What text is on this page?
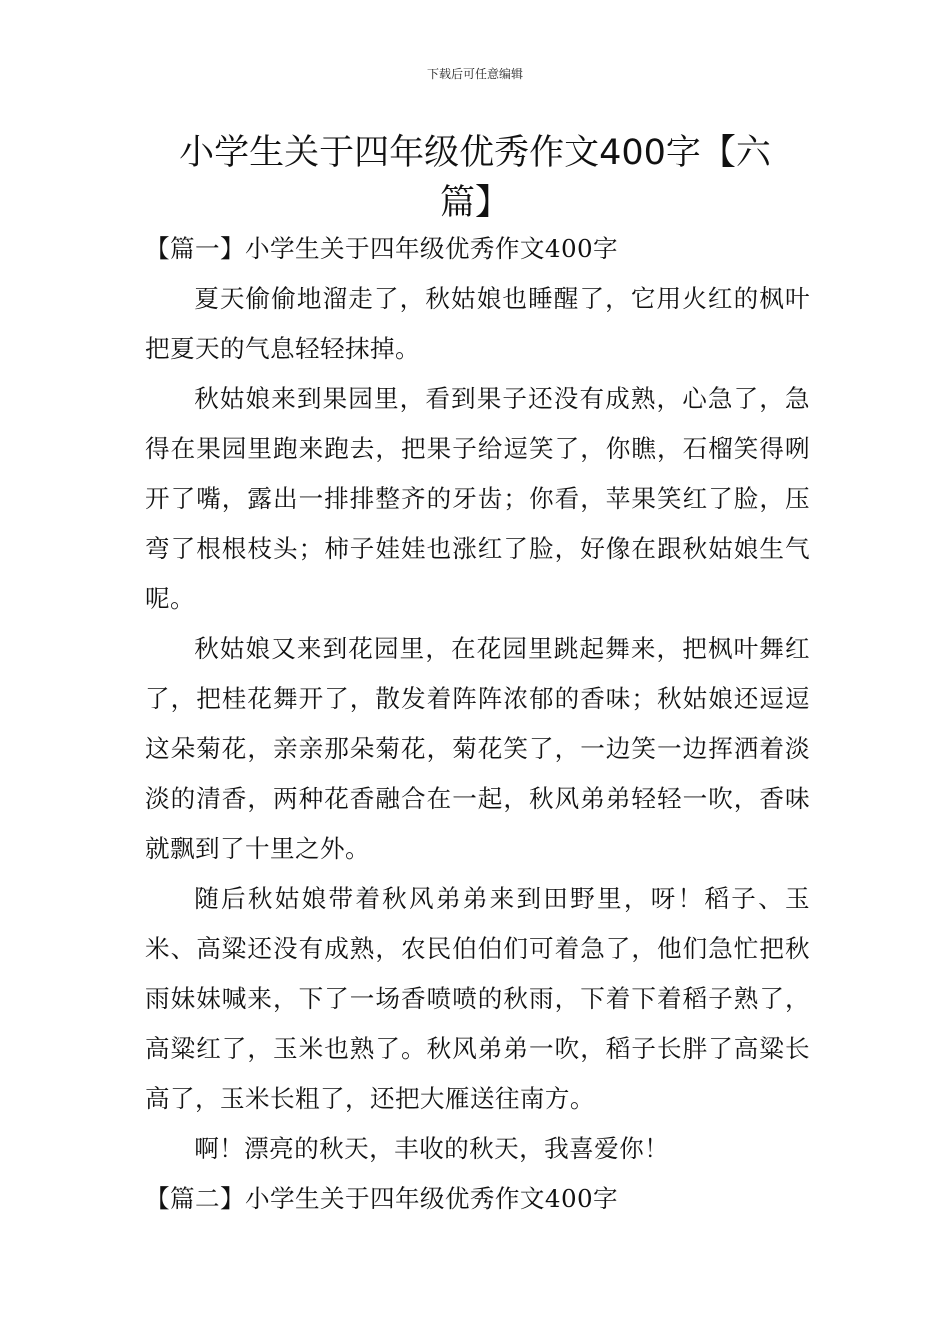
下载后可任意编辑
小学生关于四年级优秀作文400字【六篇】

【篇一】小学生关于四年级优秀作文400字

夏天偷偷地溜走了，秋姑娘也睡醒了，它用火红的枫叶把夏天的气息轻轻抹掉。

秋姑娘来到果园里，看到果子还没有成熟，心急了，急得在果园里跑来跑去，把果子给逗笑了，你瞧，石榴笑得咧开了嘴，露出一排排整齐的牙齿；你看，苹果笑红了脸，压弯了根根枝头；柿子娃娃也涨红了脸，好像在跟秋姑娘生气呢。

秋姑娘又来到花园里，在花园里跳起舞来，把枫叶舞红了，把桂花舞开了，散发着阵阵浓郁的香味；秋姑娘还逗逗这朵菊花，亲亲那朵菊花，菊花笑了，一边笑一边挥洒着淡淡的清香，两种花香融合在一起，秋风弟弟轻轻一吹，香味就飘到了十里之外。

随后秋姑娘带着秋风弟弟来到田野里，呀！稻子、玉米、高粱还没有成熟，农民伯伯们可着急了，他们急忙把秋雨妹妹喊来，下了一场香喷喷的秋雨，下着下着稻子熟了，高粱红了，玉米也熟了。秋风弟弟一吹，稻子长胖了高粱长高了，玉米长粗了，还把大雁送往南方。

啊！漂亮的秋天，丰收的秋天，我喜爱你！

【篇二】小学生关于四年级优秀作文400字
